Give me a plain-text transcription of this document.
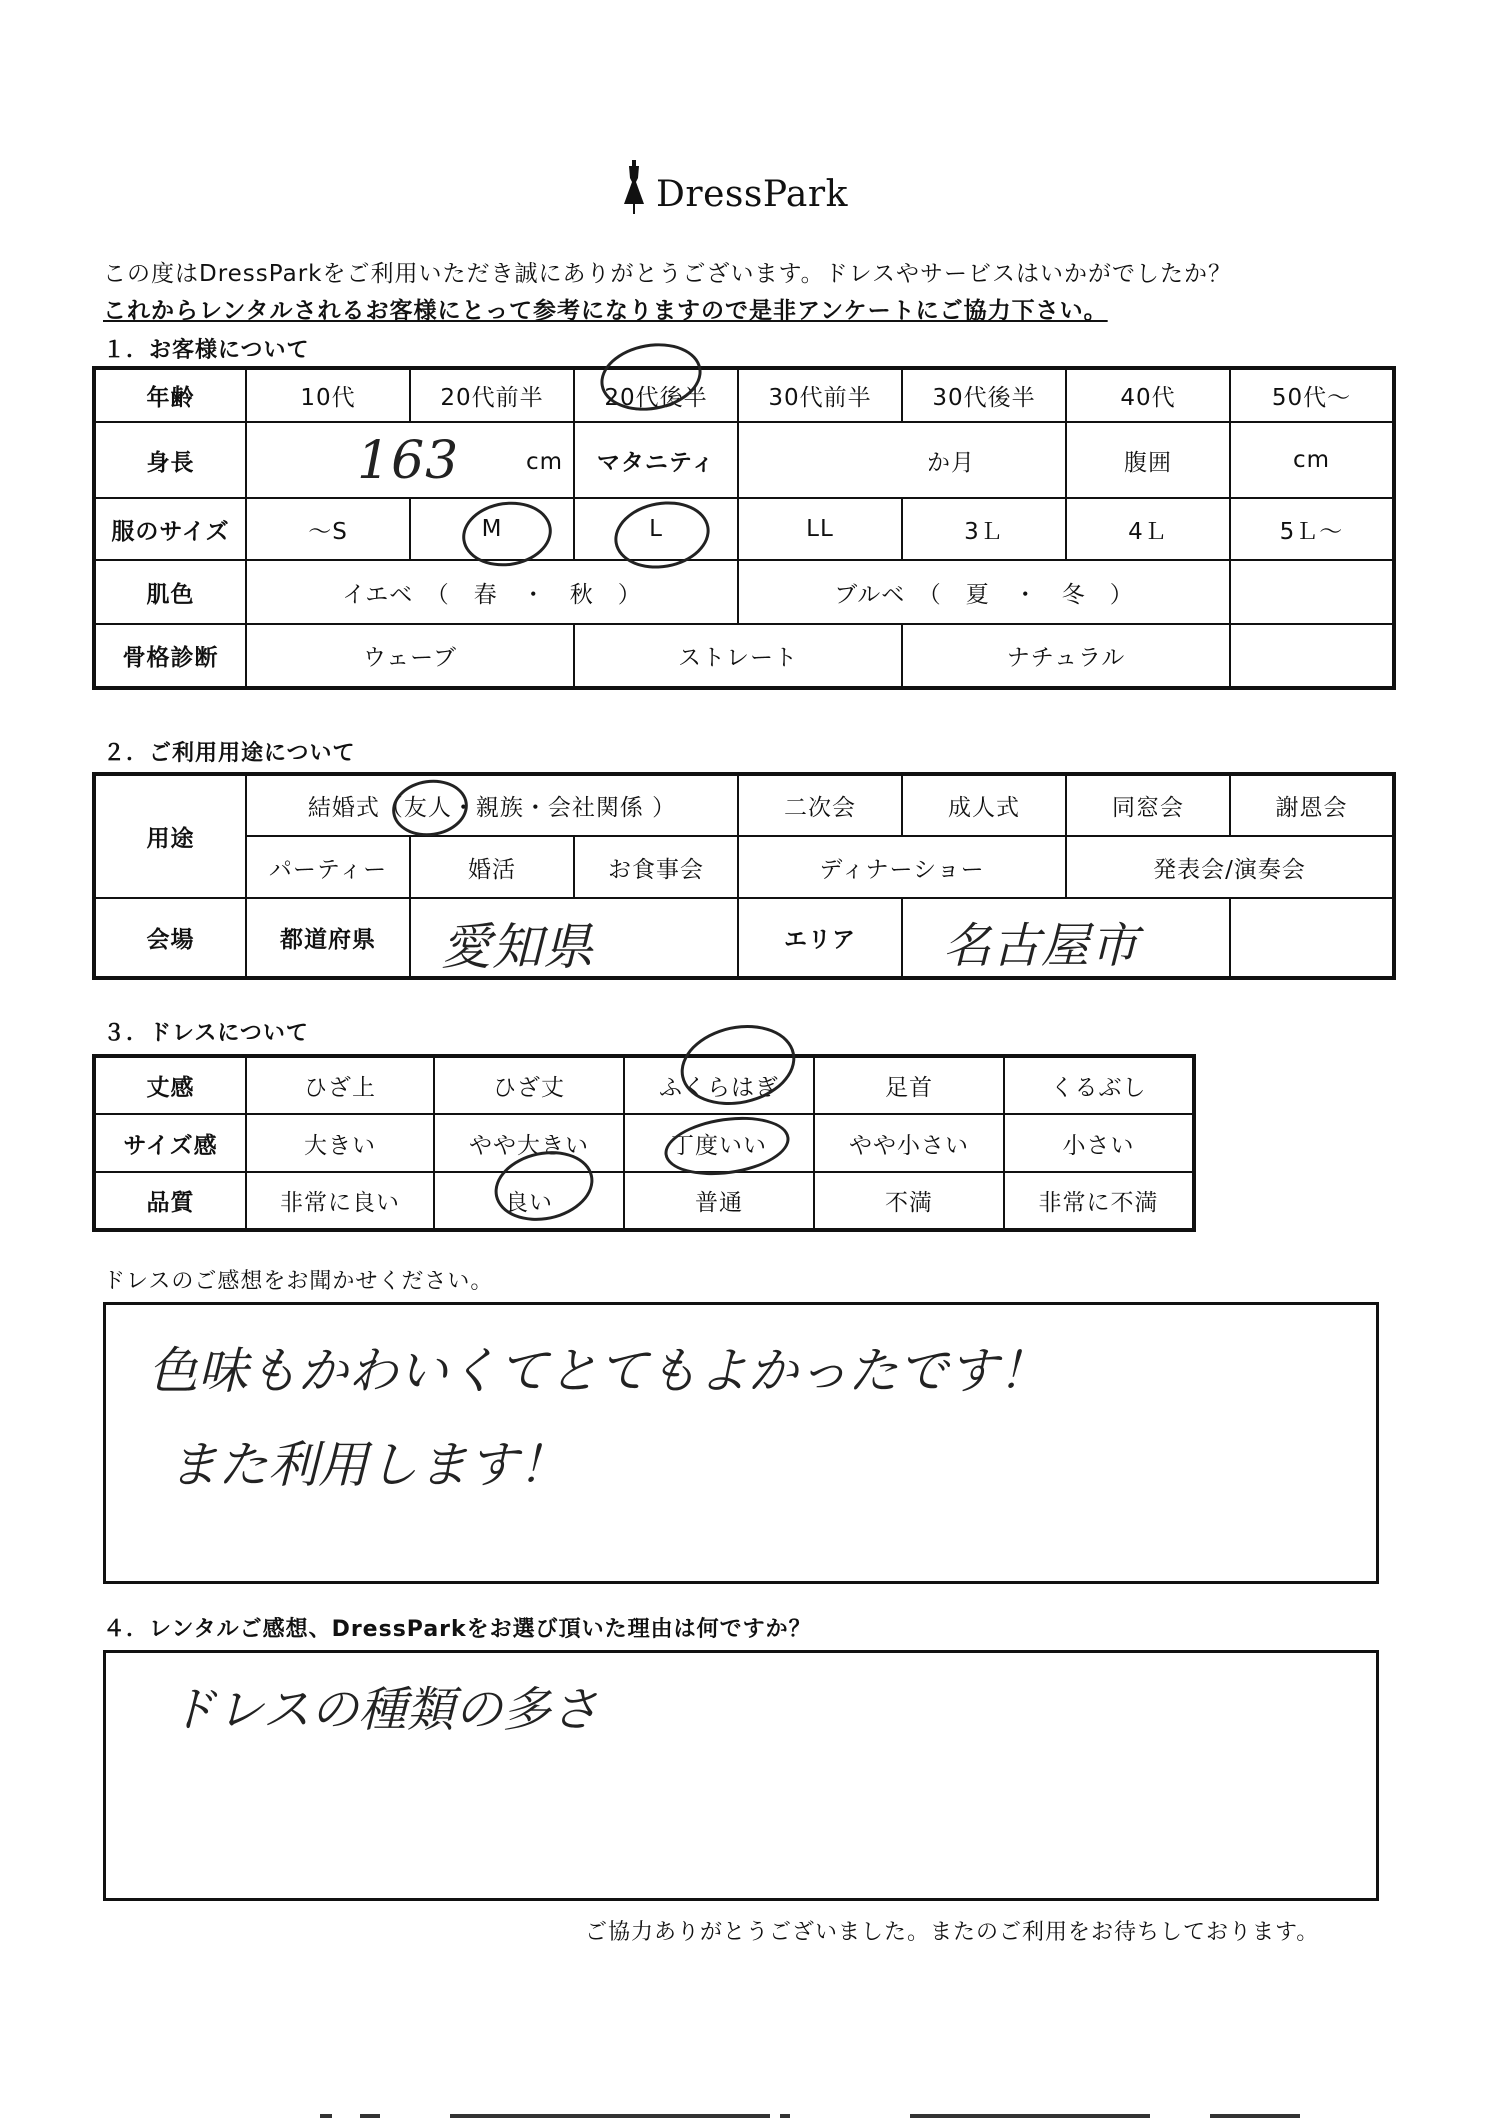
DressPark
この度はDressParkをご利用いただき誠にありがとうございます。ドレスやサービスはいかがでしたか？
これからレンタルされるお客様にとって参考になりますので是非アンケートにご協力下さい。
１．お客様について
年齢	10代	20代前半	20代後半	30代前半	30代後半	40代	50代～
身長	163 cm		マタニティ	か月		腹囲	cm
服のサイズ	～S	M	L	LL	3Ｌ	4Ｌ	5Ｌ～
肌色	イエベ　（　春　・　秋　）			ブルベ　（　夏　・　冬　）			
骨格診断	ウェーブ		ストレート		ナチュラル		
２．ご利用用途について
用途	結婚式（友人・親族・会社関係 ）			二次会	成人式	同窓会	謝恩会
	パーティー	婚活	お食事会	ディナーショー		発表会/演奏会	
会場	都道府県	愛知県		エリア	名古屋市		

３．ドレスについて
丈感	ひざ上	ひざ丈	ふくらはぎ	足首	くるぶし
サイズ感	大きい	やや大きい	丁度いい	やや小さい	小さい
品質	非常に良い	良い	普通	不満	非常に不満
ドレスのご感想をお聞かせください。
色味もかわいくてとてもよかったです！
また利用します！
４．レンタルご感想、DressParkをお選び頂いた理由は何ですか？
ドレスの種類の多さ
ご協力ありがとうございました。またのご利用をお待ちしております。
